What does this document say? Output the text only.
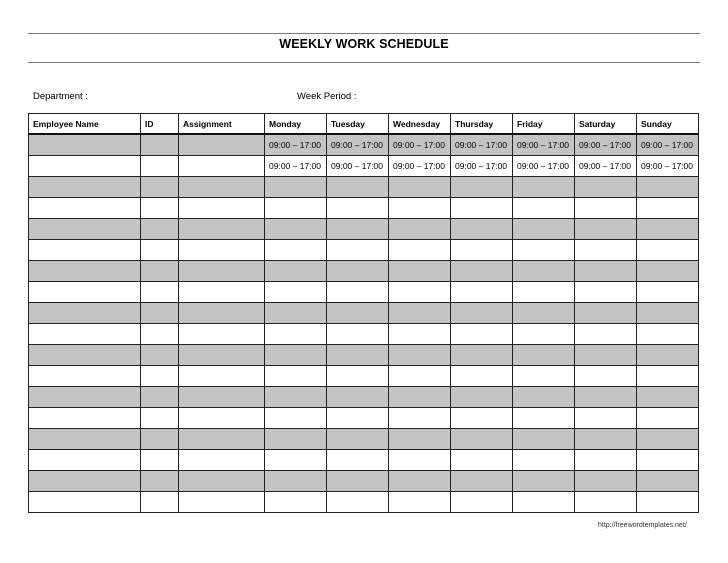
WEEKLY WORK SCHEDULE
Department :	Week Period :
Employee Name	ID	Assignment	Monday	Tuesday	Wednesday	Thursday	Friday	Saturday	Sunday
			09:00 – 17:00	09:00 – 17:00	09:00 – 17:00	09:00 – 17:00	09:00 – 17:00	09:00 – 17:00	09:00 – 17:00
			09:00 – 17:00	09:00 – 17:00	09:00 – 17:00	09:00 – 17:00	09:00 – 17:00	09:00 – 17:00	09:00 – 17:00

http://freewordtemplates.net/
